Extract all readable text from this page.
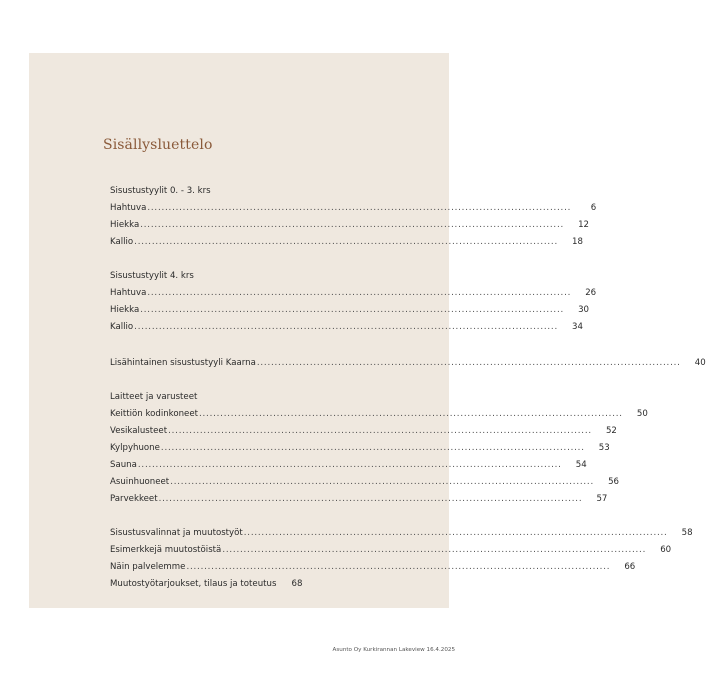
Sisällysluettelo
Sisustustyylit 0. - 3. krs
Hahtuva ........................................................................................................................	6
Hiekka ........................................................................................................................	12
Kallio ........................................................................................................................	18
Sisustustyylit 4. krs
Hahtuva ........................................................................................................................	26
Hiekka ........................................................................................................................	30
Kallio ........................................................................................................................	34
Lisähintainen sisustustyyli Kaarna ........................................................................................................................	40
Laitteet ja varusteet
Keittiön kodinkoneet ........................................................................................................................	50
Vesikalusteet ........................................................................................................................	52
Kylpyhuone ........................................................................................................................	53
Sauna ........................................................................................................................	54
Asuinhuoneet ........................................................................................................................	56
Parvekkeet ........................................................................................................................	57
Sisustusvalinnat ja muutostyöt ........................................................................................................................	58
Esimerkkejä muutostöistä ........................................................................................................................	60
Näin palvelemme ........................................................................................................................	66
Muutostyötarjoukset, tilaus ja toteutus	68
Asunto Oy Kurkirannan Lakeview 16.4.2025
